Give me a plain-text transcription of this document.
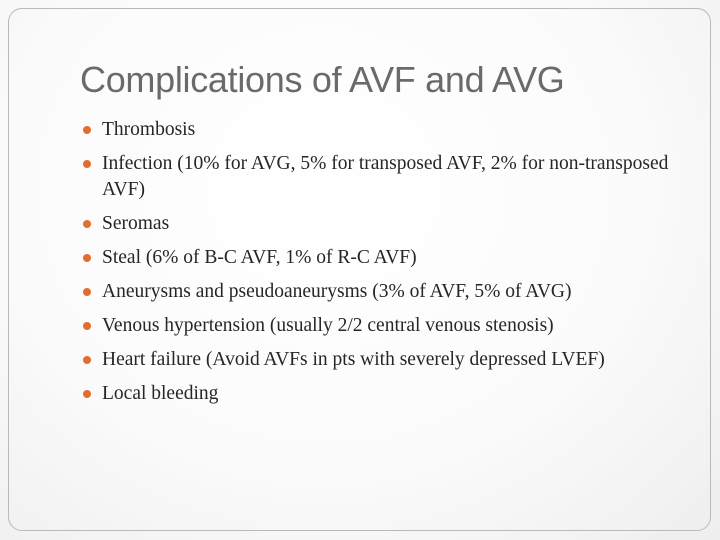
Complications of AVF and AVG
Thrombosis
Infection (10% for AVG, 5% for transposed AVF, 2% for non-transposed AVF)
Seromas
Steal (6% of B-C AVF, 1% of R-C AVF)
Aneurysms and pseudoaneurysms (3% of AVF, 5% of AVG)
Venous hypertension (usually 2/2 central venous stenosis)
Heart failure (Avoid AVFs in pts with severely depressed LVEF)
Local bleeding
